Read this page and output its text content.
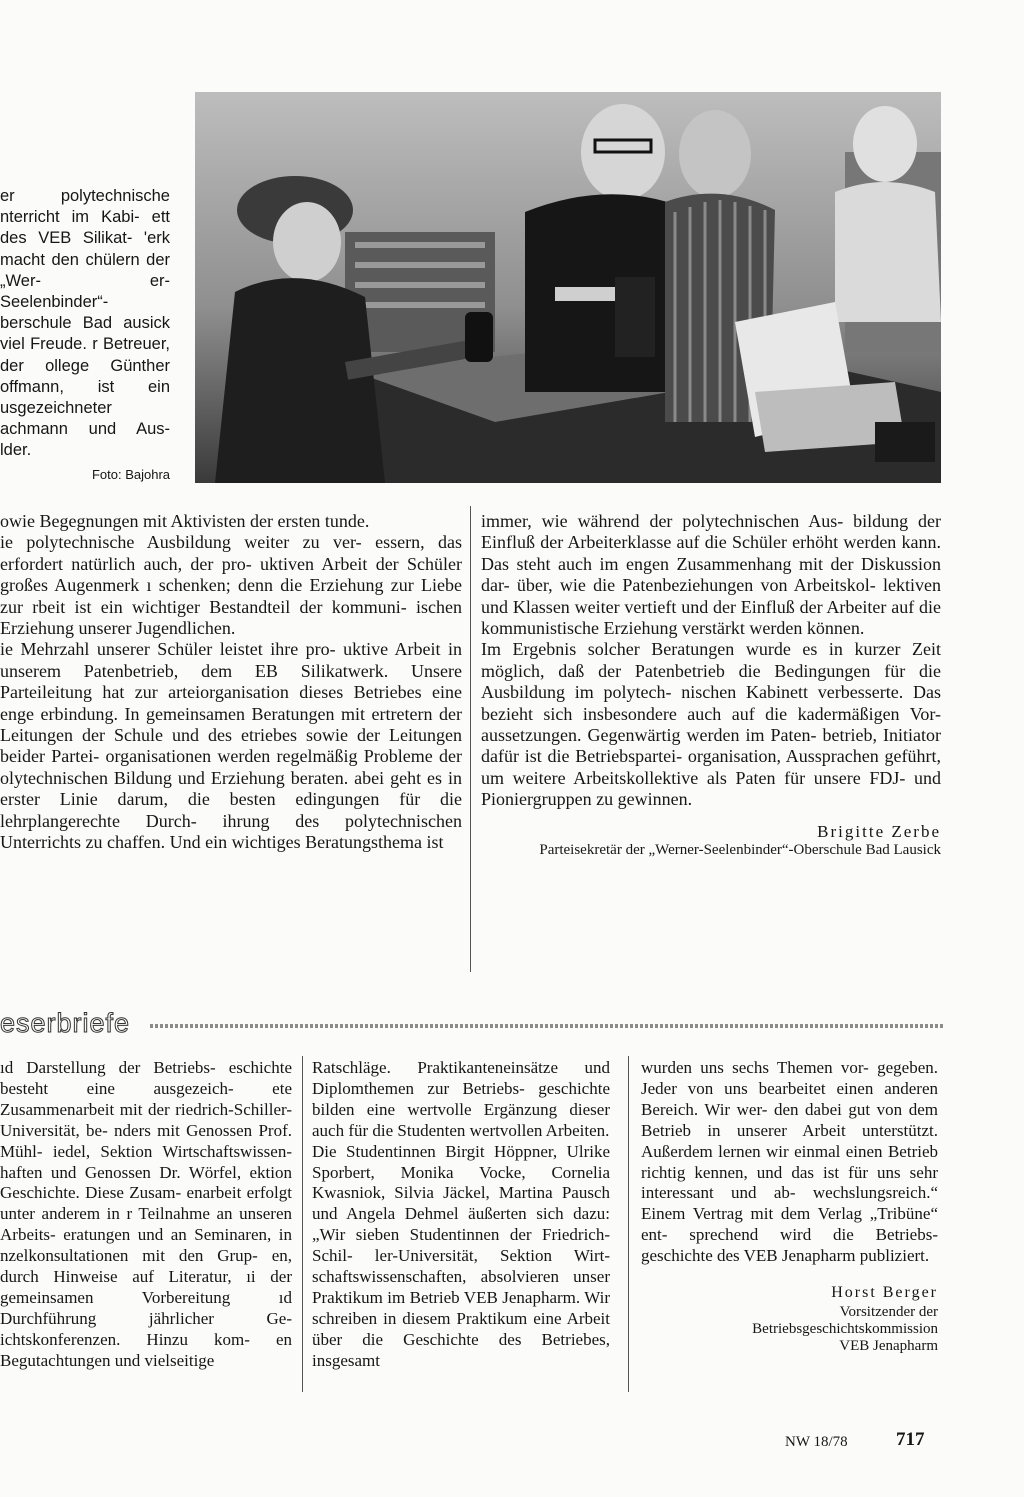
er polytechnische nterricht im Kabi- ett des VEB Silikat- 'erk macht den chülern der „Wer- er-Seelenbinder“- berschule Bad ausick viel Freude. r Betreuer, der ollege Günther offmann, ist ein usgezeichneter achmann und Aus- lder.
Foto: Bajohra

owie Begegnungen mit Aktivisten der ersten tunde.

ie polytechnische Ausbildung weiter zu ver- essern, das erfordert natürlich auch, der pro- uktiven Arbeit der Schüler großes Augenmerk ı schenken; denn die Erziehung zur Liebe zur rbeit ist ein wichtiger Bestandteil der kommuni- ischen Erziehung unserer Jugendlichen.

ie Mehrzahl unserer Schüler leistet ihre pro- uktive Arbeit in unserem Patenbetrieb, dem EB Silikatwerk. Unsere Parteileitung hat zur arteiorganisation dieses Betriebes eine enge erbindung. In gemeinsamen Beratungen mit ertretern der Leitungen der Schule und des etriebes sowie der Leitungen beider Partei- organisationen werden regelmäßig Probleme der olytechnischen Bildung und Erziehung beraten. abei geht es in erster Linie darum, die besten edingungen für die lehrplangerechte Durch- ihrung des polytechnischen Unterrichts zu chaffen. Und ein wichtiges Beratungsthema ist

immer, wie während der polytechnischen Aus- bildung der Einfluß der Arbeiterklasse auf die Schüler erhöht werden kann. Das steht auch im engen Zusammenhang mit der Diskussion dar- über, wie die Patenbeziehungen von Arbeitskol- lektiven und Klassen weiter vertieft und der Einfluß der Arbeiter auf die kommunistische Erziehung verstärkt werden können.

Im Ergebnis solcher Beratungen wurde es in kurzer Zeit möglich, daß der Patenbetrieb die Bedingungen für die Ausbildung im polytech- nischen Kabinett verbesserte. Das bezieht sich insbesondere auch auf die kadermäßigen Vor- aussetzungen. Gegenwärtig werden im Paten- betrieb, Initiator dafür ist die Betriebspartei- organisation, Aussprachen geführt, um weitere Arbeitskollektive als Paten für unsere FDJ- und Pioniergruppen zu gewinnen.

Brigitte Zerbe
Parteisekretär der „Werner-Seelenbinder“-Oberschule Bad Lausick
eserbriefe
ıd Darstellung der Betriebs- eschichte besteht eine ausgezeich- ete Zusammenarbeit mit der riedrich-Schiller-Universität, be- nders mit Genossen Prof. Mühl- iedel, Sektion Wirtschaftswissen- haften und Genossen Dr. Wörfel, ektion Geschichte. Diese Zusam- enarbeit erfolgt unter anderem in r Teilnahme an unseren Arbeits- eratungen und an Seminaren, in nzelkonsultationen mit den Grup- en, durch Hinweise auf Literatur, ıi der gemeinsamen Vorbereitung ıd Durchführung jährlicher Ge- ichtskonferenzen. Hinzu kom- en Begutachtungen und vielseitige
Ratschläge. Praktikanteneinsätze und Diplomthemen zur Betriebs- geschichte bilden eine wertvolle Ergänzung dieser auch für die Studenten wertvollen Arbeiten.
Die Studentinnen Birgit Höppner, Ulrike Sporbert, Monika Vocke, Cornelia Kwasniok, Silvia Jäckel, Martina Pausch und Angela Dehmel äußerten sich dazu: „Wir sieben Studentinnen der Friedrich-Schil- ler-Universität, Sektion Wirt- schaftswissenschaften, absolvieren unser Praktikum im Betrieb VEB Jenapharm. Wir schreiben in diesem Praktikum eine Arbeit über die Geschichte des Betriebes, insgesamt
wurden uns sechs Themen vor- gegeben. Jeder von uns bearbeitet einen anderen Bereich. Wir wer- den dabei gut von dem Betrieb in unserer Arbeit unterstützt. Außerdem lernen wir einmal einen Betrieb richtig kennen, und das ist für uns sehr interessant und ab- wechslungsreich.“ Einem Vertrag mit dem Verlag „Tribüne“ ent- sprechend wird die Betriebs- geschichte des VEB Jenapharm publiziert.
Horst Berger
Vorsitzender der
Betriebsgeschichtskommission
VEB Jenapharm
NW 18/78	717
